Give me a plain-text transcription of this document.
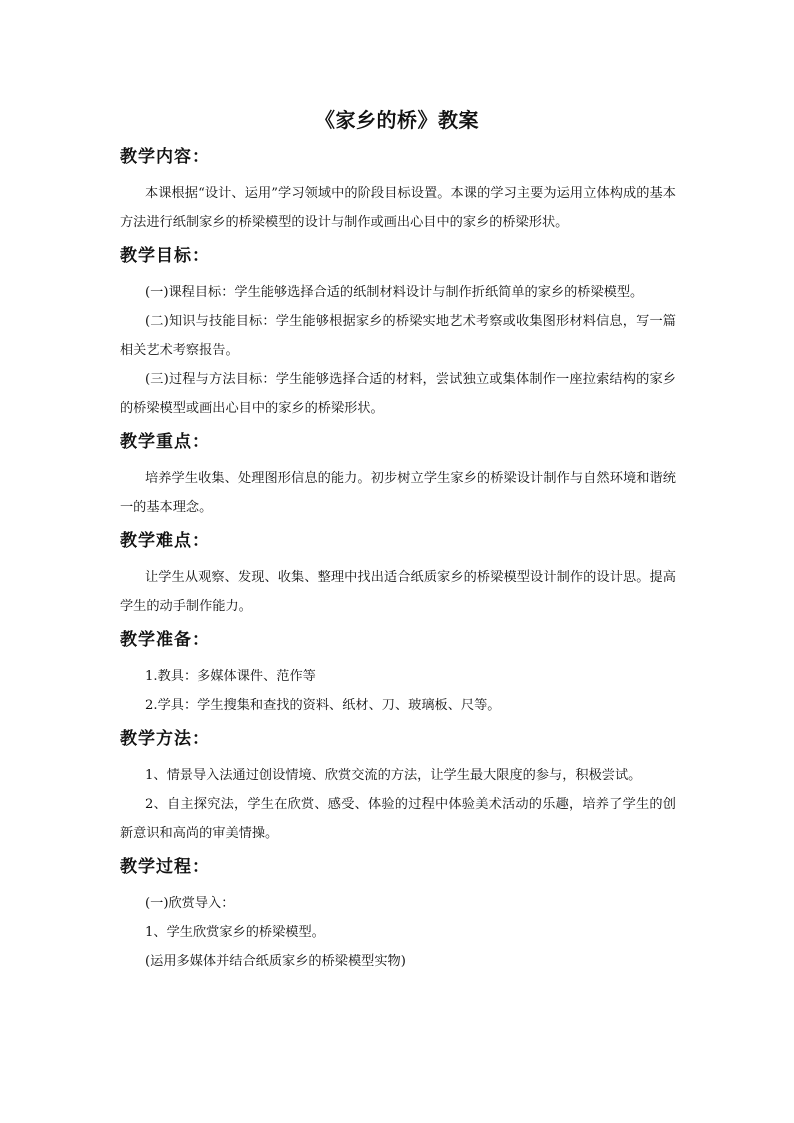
《家乡的桥》教案
教学内容：

本课根据“设计、运用”学习领域中的阶段目标设置。本课的学习主要为运用立体构成的基本方法进行纸制家乡的桥梁模型的设计与制作或画出心目中的家乡的桥梁形状。

教学目标：

(一)课程目标：学生能够选择合适的纸制材料设计与制作折纸简单的家乡的桥梁模型。

(二)知识与技能目标：学生能够根据家乡的桥梁实地艺术考察或收集图形材料信息，写一篇相关艺术考察报告。

(三)过程与方法目标：学生能够选择合适的材料，尝试独立或集体制作一座拉索结构的家乡的桥梁模型或画出心目中的家乡的桥梁形状。

教学重点：

培养学生收集、处理图形信息的能力。初步树立学生家乡的桥梁设计制作与自然环境和谐统一的基本理念。

教学难点：

让学生从观察、发现、收集、整理中找出适合纸质家乡的桥梁模型设计制作的设计思。提高学生的动手制作能力。

教学准备：

1.教具：多媒体课件、范作等

2.学具：学生搜集和查找的资料、纸材、刀、玻璃板、尺等。

教学方法：

1、情景导入法通过创设情境、欣赏交流的方法，让学生最大限度的参与，积极尝试。

2、自主探究法，学生在欣赏、感受、体验的过程中体验美术活动的乐趣，培养了学生的创新意识和高尚的审美情操。

教学过程：

(一)欣赏导入：

1、学生欣赏家乡的桥梁模型。

(运用多媒体并结合纸质家乡的桥梁模型实物)
